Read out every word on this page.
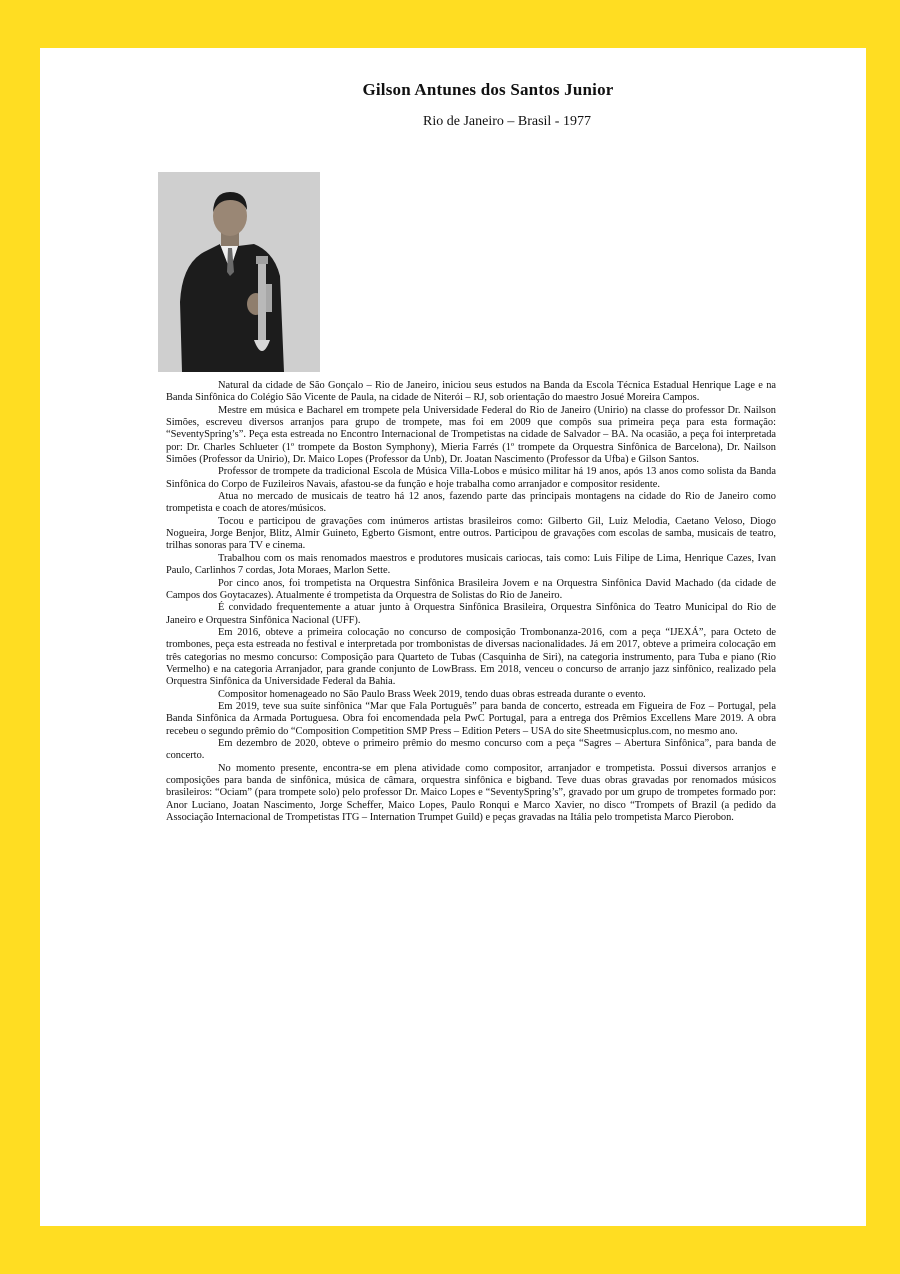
Gilson Antunes dos Santos Junior
Rio de Janeiro – Brasil - 1977

Natural da cidade de São Gonçalo – Rio de Janeiro, iniciou seus estudos na Banda da Escola Técnica Estadual Henrique Lage e na Banda Sinfônica do Colégio São Vicente de Paula, na cidade de Niterói – RJ, sob orientação do maestro Josué Moreira Campos.

Mestre em música e Bacharel em trompete pela Universidade Federal do Rio de Janeiro (Unirio) na classe do professor Dr. Nailson Simões, escreveu diversos arranjos para grupo de trompete, mas foi em 2009 que compôs sua primeira peça para esta formação: “SeventySpring’s”. Peça esta estreada no Encontro Internacional de Trompetistas na cidade de Salvador – BA. Na ocasião, a peça foi interpretada por: Dr. Charles Schlueter (1º trompete da Boston Symphony), Mieria Farrés (1º trompete da Orquestra Sinfônica de Barcelona), Dr. Nailson Simões (Professor da Unirio), Dr. Maico Lopes (Professor da Unb), Dr. Joatan Nascimento (Professor da Ufba) e Gilson Santos.

Professor de trompete da tradicional Escola de Música Villa-Lobos e músico militar há 19 anos, após 13 anos como solista da Banda Sinfônica do Corpo de Fuzileiros Navais, afastou-se da função e hoje trabalha como arranjador e compositor residente.

Atua no mercado de musicais de teatro há 12 anos, fazendo parte das principais montagens na cidade do Rio de Janeiro como trompetista e coach de atores/músicos.

Tocou e participou de gravações com inúmeros artistas brasileiros como: Gilberto Gil, Luiz Melodia, Caetano Veloso, Diogo Nogueira, Jorge Benjor, Blitz, Almir Guineto, Egberto Gismont, entre outros. Participou de gravações com escolas de samba, musicais de teatro, trilhas sonoras para TV e cinema.

Trabalhou com os mais renomados maestros e produtores musicais cariocas, tais como: Luis Filipe de Lima, Henrique Cazes, Ivan Paulo, Carlinhos 7 cordas, Jota Moraes, Marlon Sette.

Por cinco anos, foi trompetista na Orquestra Sinfônica Brasileira Jovem e na Orquestra Sinfônica David Machado (da cidade de Campos dos Goytacazes). Atualmente é trompetista da Orquestra de Solistas do Rio de Janeiro.

É convidado frequentemente a atuar junto à Orquestra Sinfônica Brasileira, Orquestra Sinfônica do Teatro Municipal do Rio de Janeiro e Orquestra Sinfônica Nacional (UFF).

Em 2016, obteve a primeira colocação no concurso de composição Trombonanza-2016, com a peça “IJEXÁ”, para Octeto de trombones, peça esta estreada no festival e interpretada por trombonistas de diversas nacionalidades. Já em 2017, obteve a primeira colocação em três categorias no mesmo concurso: Composição para Quarteto de Tubas (Casquinha de Siri), na categoria instrumento, para Tuba e piano (Rio Vermelho) e na categoria Arranjador, para grande conjunto de LowBrass. Em 2018, venceu o concurso de arranjo jazz sinfônico, realizado pela Orquestra Sinfônica da Universidade Federal da Bahia.

Compositor homenageado no São Paulo Brass Week 2019, tendo duas obras estreada durante o evento.

Em 2019, teve sua suíte sinfônica “Mar que Fala Português” para banda de concerto, estreada em Figueira de Foz – Portugal, pela Banda Sinfônica da Armada Portuguesa. Obra foi encomendada pela PwC Portugal, para a entrega dos Prêmios Excellens Mare 2019. A obra recebeu o segundo prêmio do “Composition Competition SMP Press – Edition Peters – USA do site Sheetmusicplus.com, no mesmo ano.

Em dezembro de 2020, obteve o primeiro prêmio do mesmo concurso com a peça “Sagres – Abertura Sinfônica”, para banda de concerto.

No momento presente, encontra-se em plena atividade como compositor, arranjador e trompetista. Possui diversos arranjos e composições para banda de sinfônica, música de câmara, orquestra sinfônica e bigband. Teve duas obras gravadas por renomados músicos brasileiros: “Ociam” (para trompete solo) pelo professor Dr. Maico Lopes e “SeventySpring’s”, gravado por um grupo de trompetes formado por: Anor Luciano, Joatan Nascimento, Jorge Scheffer, Maico Lopes, Paulo Ronqui e Marco Xavier, no disco “Trompets of Brazil (a pedido da Associação Internacional de Trompetistas ITG – Internation Trumpet Guild) e peças gravadas na Itália pelo trompetista Marco Pierobon.
